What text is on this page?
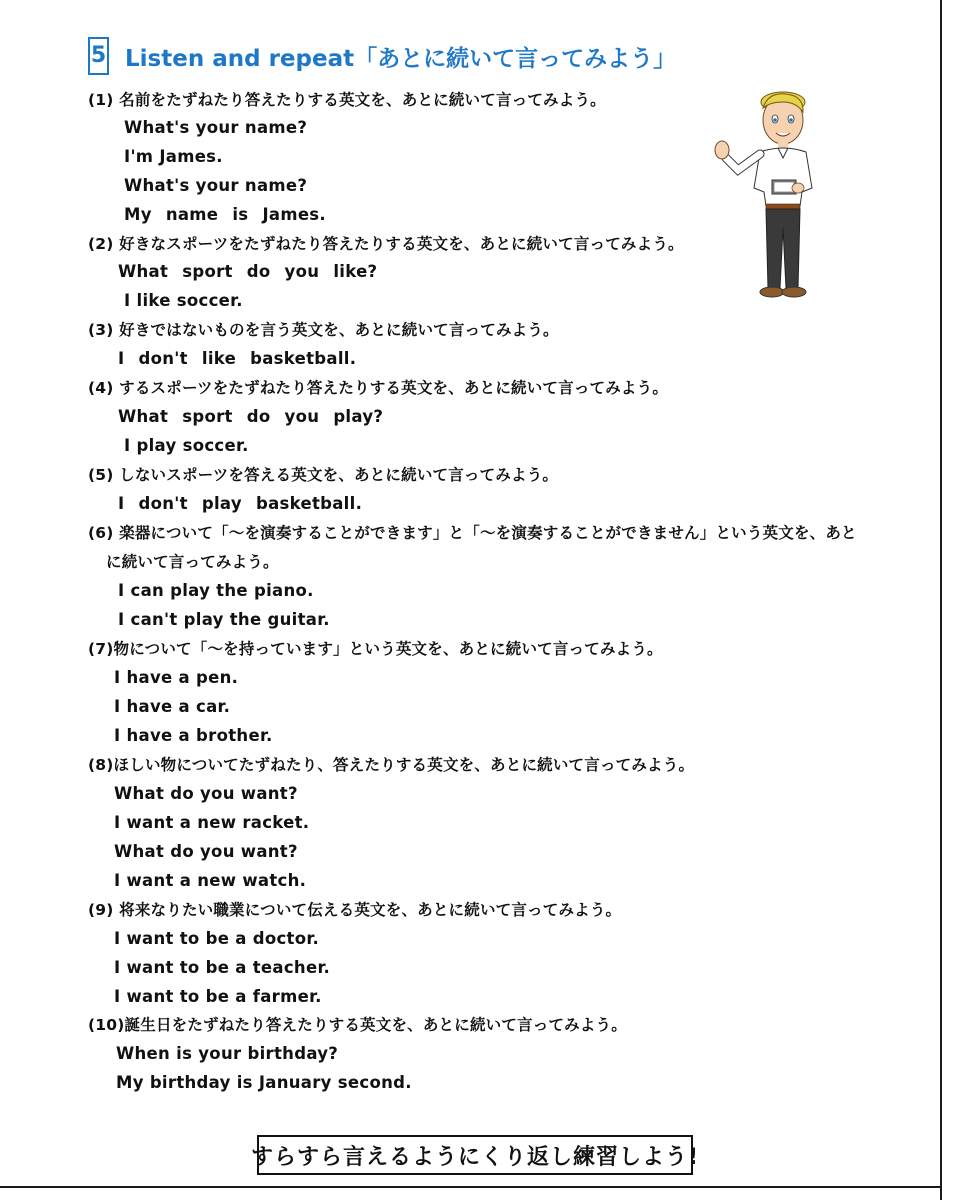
5 Listen and repeat「あとに続いて言ってみよう」
(1) 名前をたずねたり答えたりする英文を、あとに続いて言ってみよう。
What's your name?
I'm James.
What's your name?
My name is James.
(2) 好きなスポーツをたずねたり答えたりする英文を、あとに続いて言ってみよう。
What sport do you like?
I like soccer.
(3) 好きではないものを言う英文を、あとに続いて言ってみよう。
I don't like basketball.
(4) するスポーツをたずねたり答えたりする英文を、あとに続いて言ってみよう。
What sport do you play?
I play soccer.
(5) しないスポーツを答える英文を、あとに続いて言ってみよう。
I don't play basketball.
(6) 楽器について「～を演奏することができます」と「～を演奏することができません」という英文を、あと
に続いて言ってみよう。
I can play the piano.
I can't play the guitar.
(7)物について「～を持っています」という英文を、あとに続いて言ってみよう。
I have a pen.
I have a car.
I have a brother.
(8)ほしい物についてたずねたり、答えたりする英文を、あとに続いて言ってみよう。
What do you want?
I want a new racket.
What do you want?
I want a new watch.
(9) 将来なりたい職業について伝える英文を、あとに続いて言ってみよう。
I want to be a doctor.
I want to be a teacher.
I want to be a farmer.
(10)誕生日をたずねたり答えたりする英文を、あとに続いて言ってみよう。
When is your birthday?
My birthday is January second.
すらすら言えるようにくり返し練習しよう!
